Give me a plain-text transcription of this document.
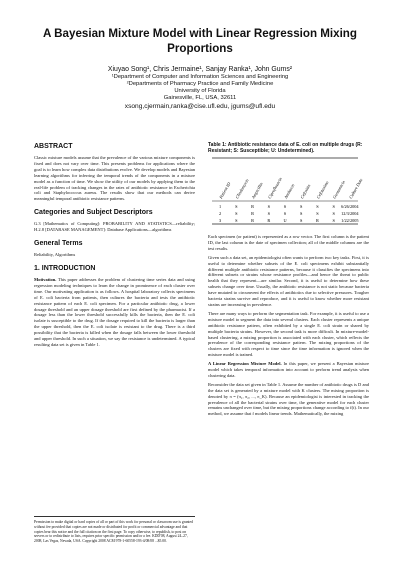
A Bayesian Mixture Model with Linear Regression Mixing Proportions
Xiuyao Song¹, Chris Jermaine¹, Sanjay Ranka¹, John Gums²
¹Department of Computer and Information Sciences and Engineering
²Departments of Pharmacy Practice and Family Medicine
University of Florida
Gainesville, FL, USA, 32611
xsong,cjermain,ranka@cise.ufl.edu, jgums@ufl.edu
ABSTRACT

Classic mixture models assume that the prevalence of the various mixture components is fixed and does not vary over time. This presents problems for applications where the goal is to learn how complex data distributions evolve. We develop models and Bayesian learning algorithms for inferring the temporal trends of the components in a mixture model as a function of time. We show the utility of our models by applying them to the real-life problem of tracking changes in the rates of antibiotic resistance in Escherichia coli and Staphylococcus aureus. The results show that our methods can derive meaningful temporal antibiotic resistance patterns.

Categories and Subject Descriptors

G.3 [Mathematics of Computing]: PROBABILITY AND STATISTICS—reliability; H.2.8 [DATABASE MANAGEMENT]: Database Applications—algorithms

General Terms

Reliability, Algorithms

1. INTRODUCTION

Motivation. This paper addresses the problem of clustering time series data and using regression modeling techniques to learn the change in prominence of each cluster over time. Our motivating application is as follows. A hospital laboratory collects specimens of E. coli bacteria from patients, then cultures the bacteria and tests the antibiotic resistance pattern of each E. coli specimen. For a particular antibiotic drug, a lower dosage threshold and an upper dosage threshold are first defined by the pharmacist. If a dosage less than the lower threshold successfully kills the bacteria, then the E. coli isolate is susceptible to the drug. If the dosage required to kill the bacteria is larger than the upper threshold, then the E. coli isolate is resistant to the drug. There is a third possibility that the bacteria is killed when the dosage falls between the lower threshold and upper threshold. In such a situation, we say the resistance is undetermined. A typical resulting data set is given in Table 1.

Permission to make digital or hard copies of all or part of this work for personal or classroom use is granted without fee provided that copies are not made or distributed for profit or commercial advantage and that copies bear this notice and the full citation on the first page. To copy otherwise, to republish, to post on servers or to redistribute to lists, requires prior specific permission and/or a fee. KDD'08, August 24–27, 2008, Las Vegas, Nevada, USA. Copyright 2008 ACM 978-1-60558-193-4/08/08 ...$5.00.

Table 1: Antibiotic resistance data of E. coli on multiple drugs (R: Resistant; S: Susceptible; U: Undetermined).
Patient ID Clindamycin Ampicillin Ciprofloxacin Amikacin Cefoxitin Cefotaxime Gentamicin Culture Date
1	S	R	S	S	S	S	S 6/26/2004
2	S	R	S	S	S	S	S 12/3/2004
3	S	R	R	U	S	R	S 1/22/2005

Each specimen (or patient) is represented as a row vector. The first column is the patient ID, the last column is the date of specimen collection; all of the middle columns are the test results.

Given such a data set, an epidemiologist often wants to perform two key tasks. First, it is useful to determine whether subsets of the E. coli specimens exhibit substantially different multiple antibiotic resistance patterns, because it classifies the specimens into different subsets or strains whose resistance profiles—and hence the threat to public health that they represent—are similar. Second, it is useful to determine how these subsets change over time. Usually, the antibiotic resistance is not static because bacteria have mutated to circumvent the effects of antibiotics due to selective pressures. Tougher bacteria strains survive and reproduce, and it is useful to know whether more resistant strains are increasing in prevalence.

There are many ways to perform the segmentation task. For example, it is useful to use a mixture model to segment the data into several clusters. Each cluster represents a unique antibiotic resistance pattern, often exhibited by a single E. coli strain or shared by multiple bacteria strains. However, the second task is more difficult. In mixture-model-based clustering, a mixing proportion is associated with each cluster, which reflects the prevalence of the corresponding resistance pattern. The mixing proportions of the clusters are fixed with respect to time since the time information is ignored when the mixture model is trained.

A Linear Regression Mixture Model. In this paper, we present a Bayesian mixture model which takes temporal information into account to perform trend analysis when clustering data.

Reconsider the data set given in Table 1. Assume the number of antibiotic drugs is D and the data set is generated by a mixture model with K clusters. The mixing proportion is denoted by π = (π₁, π₂, ..., π_K). Because an epidemiologist is interested in tracking the prevalence of all the bacterial strains over time, the generative model for each cluster remains unchanged over time, but the mixing proportions change according to f(t). In our method, we assume that f models linear trends. Mathematically, the mixing
